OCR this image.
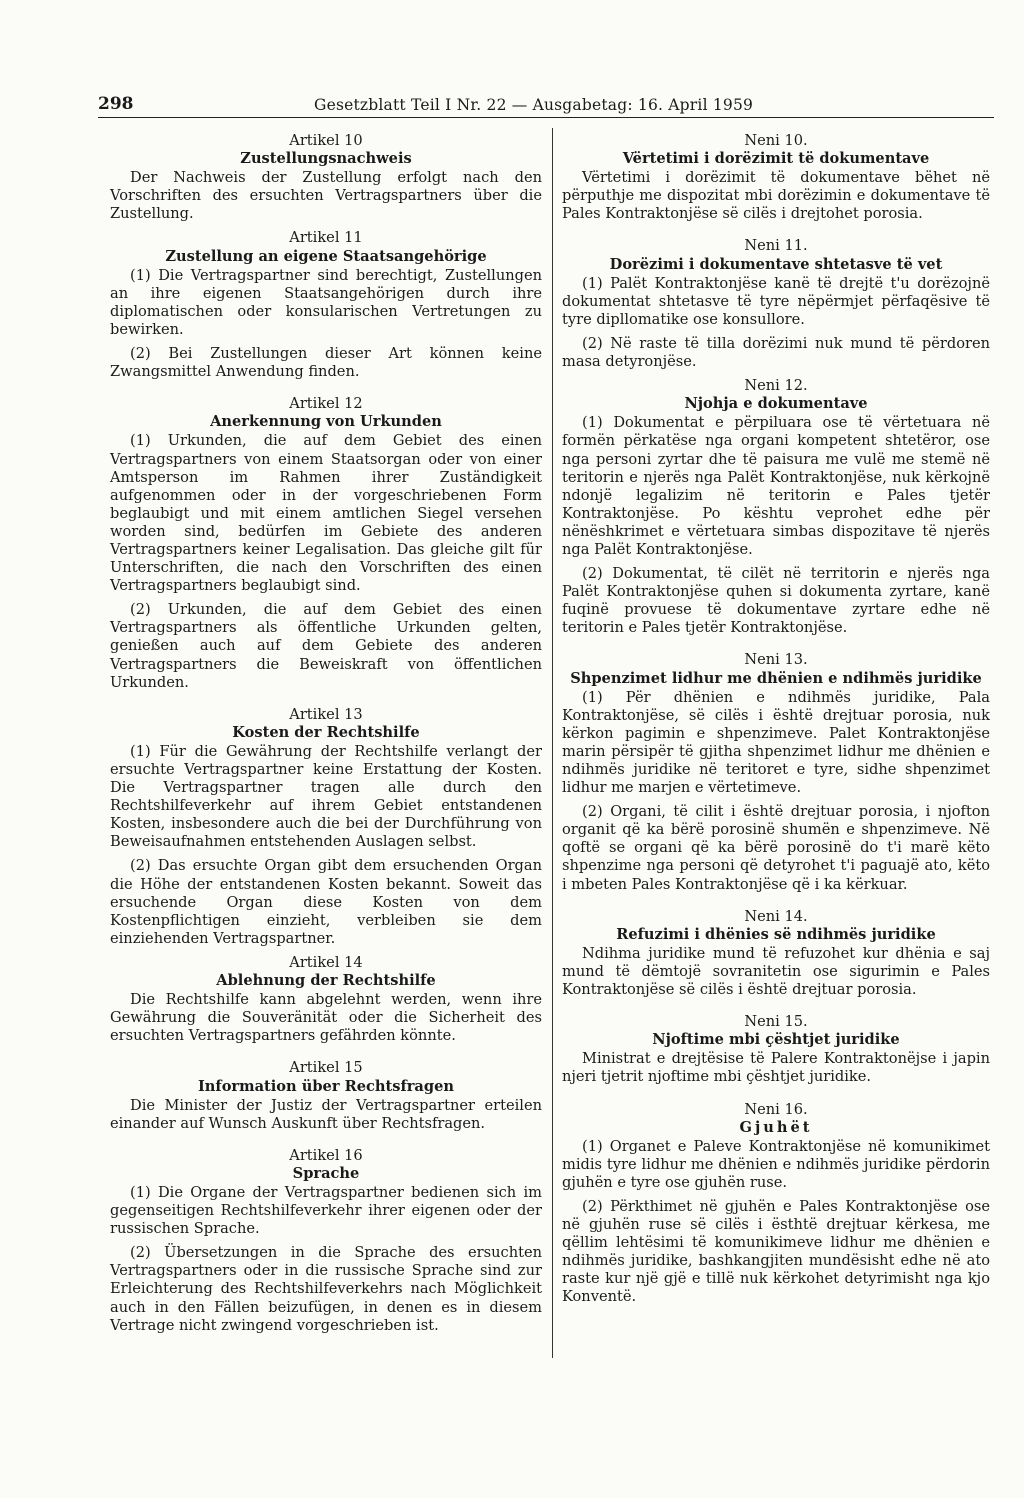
298	Gesetzblatt Teil I Nr. 22 — Ausgabetag: 16. April 1959
Artikel 10
Zustellungsnachweis

Der Nachweis der Zustellung erfolgt nach den Vorschriften des ersuchten Vertragspartners über die Zustellung.

Artikel 11
Zustellung an eigene Staatsangehörige

(1) Die Vertragspartner sind berechtigt, Zustellungen an ihre eigenen Staatsangehörigen durch ihre diplomatischen oder konsularischen Vertretungen zu bewirken.

(2) Bei Zustellungen dieser Art können keine Zwangsmittel Anwendung finden.

Artikel 12
Anerkennung von Urkunden

(1) Urkunden, die auf dem Gebiet des einen Vertragspartners von einem Staatsorgan oder von einer Amtsperson im Rahmen ihrer Zuständigkeit aufgenommen oder in der vorgeschriebenen Form beglaubigt und mit einem amtlichen Siegel versehen worden sind, bedürfen im Gebiete des anderen Vertragspartners keiner Legalisation. Das gleiche gilt für Unterschriften, die nach den Vorschriften des einen Vertragspartners beglaubigt sind.

(2) Urkunden, die auf dem Gebiet des einen Vertragspartners als öffentliche Urkunden gelten, genießen auch auf dem Gebiete des anderen Vertragspartners die Beweiskraft von öffentlichen Urkunden.

Artikel 13
Kosten der Rechtshilfe

(1) Für die Gewährung der Rechtshilfe verlangt der ersuchte Vertragspartner keine Erstattung der Kosten. Die Vertragspartner tragen alle durch den Rechtshilfeverkehr auf ihrem Gebiet entstandenen Kosten, insbesondere auch die bei der Durchführung von Beweisaufnahmen entstehenden Auslagen selbst.

(2) Das ersuchte Organ gibt dem ersuchenden Organ die Höhe der entstandenen Kosten bekannt. Soweit das ersuchende Organ diese Kosten von dem Kostenpflichtigen einzieht, verbleiben sie dem einziehenden Vertragspartner.

Artikel 14
Ablehnung der Rechtshilfe

Die Rechtshilfe kann abgelehnt werden, wenn ihre Gewährung die Souveränität oder die Sicherheit des ersuchten Vertragspartners gefährden könnte.

Artikel 15
Information über Rechtsfragen

Die Minister der Justiz der Vertragspartner erteilen einander auf Wunsch Auskunft über Rechtsfragen.

Artikel 16
Sprache

(1) Die Organe der Vertragspartner bedienen sich im gegenseitigen Rechtshilfeverkehr ihrer eigenen oder der russischen Sprache.

(2) Übersetzungen in die Sprache des ersuchten Vertragspartners oder in die russische Sprache sind zur Erleichterung des Rechtshilfeverkehrs nach Möglichkeit auch in den Fällen beizufügen, in denen es in diesem Vertrage nicht zwingend vorgeschrieben ist.

Neni 10.
Vërtetimi i dorëzimit të dokumentave

Vërtetimi i dorëzimit të dokumentave bëhet në përputhje me dispozitat mbi dorëzimin e dokumentave të Pales Kontraktonjëse së cilës i drejtohet porosia.

Neni 11.
Dorëzimi i dokumentave shtetasve të vet

(1) Palët Kontraktonjëse kanë të drejtë t'u dorëzojnë dokumentat shtetasve të tyre nëpërmjet përfaqësive të tyre dipllomatike ose konsullore.

(2) Në raste të tilla dorëzimi nuk mund të përdoren masa detyronjëse.

Neni 12.
Njohja e dokumentave

(1) Dokumentat e përpiluara ose të vërtetuara në formën përkatëse nga organi kompetent shtetëror, ose nga personi zyrtar dhe të paisura me vulë me stemë në teritorin e njerës nga Palët Kontraktonjëse, nuk kërkojnë ndonjë legalizim në teritorin e Pales tjetër Kontraktonjëse. Po kështu veprohet edhe për nënëshkrimet e vërtetuara simbas dispozitave të njerës nga Palët Kontraktonjëse.

(2) Dokumentat, të cilët në territorin e njerës nga Palët Kontraktonjëse quhen si dokumenta zyrtare, kanë fuqinë provuese të dokumentave zyrtare edhe në teritorin e Pales tjetër Kontraktonjëse.

Neni 13.
Shpenzimet lidhur me dhënien e ndihmës juridike

(1) Për dhënien e ndihmës juridike, Pala Kontraktonjëse, së cilës i është drejtuar porosia, nuk kërkon pagimin e shpenzimeve. Palet Kontraktonjëse marin përsipër të gjitha shpenzimet lidhur me dhënien e ndihmës juridike në teritoret e tyre, sidhe shpenzimet lidhur me marjen e vërtetimeve.

(2) Organi, të cilit i është drejtuar porosia, i njofton organit që ka bërë porosinë shumën e shpenzimeve. Në qoftë se organi që ka bërë porosinë do t'i marë këto shpenzime nga personi që detyrohet t'i paguajë ato, këto i mbeten Pales Kontraktonjëse që i ka kërkuar.

Neni 14.
Refuzimi i dhënies së ndihmës juridike

Ndihma juridike mund të refuzohet kur dhënia e saj mund të dëmtojë sovranitetin ose sigurimin e Pales Kontraktonjëse së cilës i është drejtuar porosia.

Neni 15.
Njoftime mbi çështjet juridike

Ministrat e drejtësise të Palere Kontraktonëjse i japin njeri tjetrit njoftime mbi çështjet juridike.

Neni 16.
Gjuhët

(1) Organet e Paleve Kontraktonjëse në komunikimet midis tyre lidhur me dhënien e ndihmës juridike përdorin gjuhën e tyre ose gjuhën ruse.

(2) Përkthimet në gjuhën e Pales Kontraktonjëse ose në gjuhën ruse së cilës i ësthtë drejtuar kërkesa, me qëllim lehtësimi të komunikimeve lidhur me dhënien e ndihmës juridike, bashkangjiten mundësisht edhe në ato raste kur një gjë e tillë nuk kërkohet detyrimisht nga kjo Konventë.
